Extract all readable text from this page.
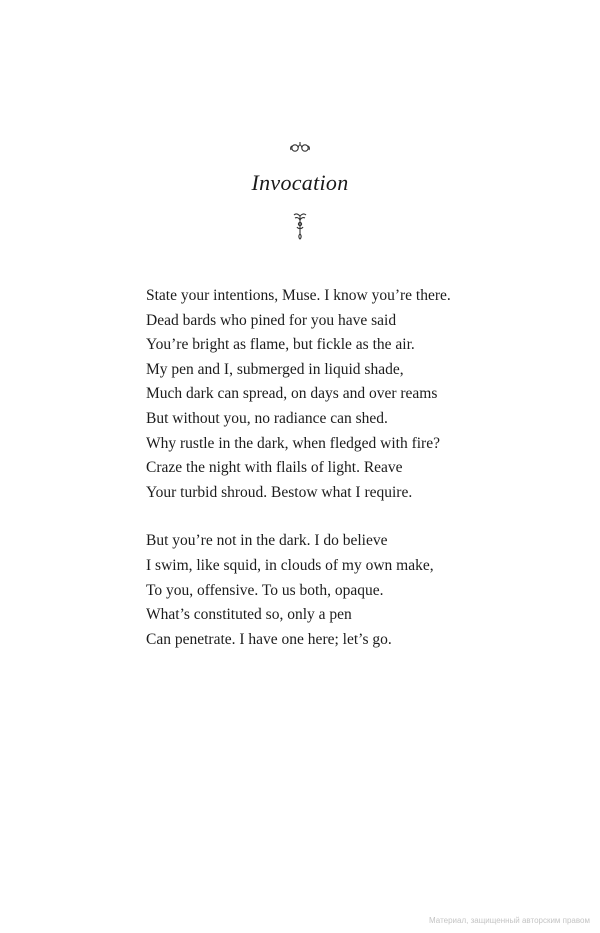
Invocation

State your intentions, Muse. I know you’re there.
Dead bards who pined for you have said
You’re bright as flame, but fickle as the air.
My pen and I, submerged in liquid shade,
Much dark can spread, on days and over reams
But without you, no radiance can shed.
Why rustle in the dark, when fledged with fire?
Craze the night with flails of light. Reave
Your turbid shroud. Bestow what I require.

But you’re not in the dark. I do believe
I swim, like squid, in clouds of my own make,
To you, offensive. To us both, opaque.
What’s constituted so, only a pen
Can penetrate. I have one here; let’s go.

Материал, защищенный авторским правом
